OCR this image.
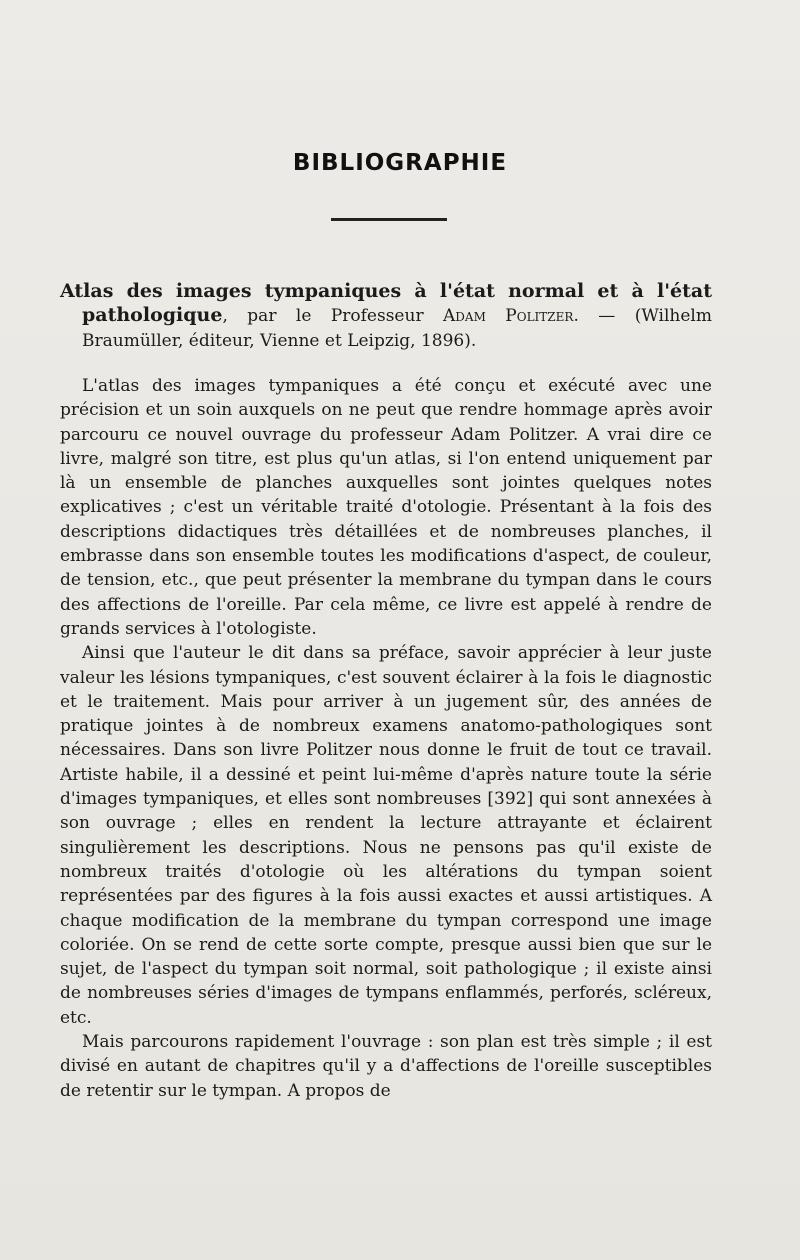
BIBLIOGRAPHIE
Atlas des images tympaniques à l'état normal et à l'état
pathologique, par le Professeur Adam Politzer. — (Wilhelm Braumüller, éditeur, Vienne et Leipzig, 1896).

L'atlas des images tympaniques a été conçu et exécuté avec une précision et un soin auxquels on ne peut que rendre hommage après avoir parcouru ce nouvel ouvrage du professeur Adam Politzer. A vrai dire ce livre, malgré son titre, est plus qu'un atlas, si l'on entend uniquement par là un ensemble de planches auxquelles sont jointes quelques notes explicatives ; c'est un véritable traité d'otologie. Présentant à la fois des descriptions didactiques très détaillées et de nombreuses planches, il embrasse dans son ensemble toutes les modifications d'aspect, de couleur, de tension, etc., que peut présenter la membrane du tympan dans le cours des affections de l'oreille. Par cela même, ce livre est appelé à rendre de grands services à l'otologiste.

Ainsi que l'auteur le dit dans sa préface, savoir apprécier à leur juste valeur les lésions tympaniques, c'est souvent éclairer à la fois le diagnostic et le traitement. Mais pour arriver à un jugement sûr, des années de pratique jointes à de nombreux examens anatomo-pathologiques sont nécessaires. Dans son livre Politzer nous donne le fruit de tout ce travail. Artiste habile, il a dessiné et peint lui-même d'après nature toute la série d'images tympaniques, et elles sont nombreuses [392] qui sont annexées à son ouvrage ; elles en rendent la lecture attrayante et éclairent singulièrement les descriptions. Nous ne pensons pas qu'il existe de nombreux traités d'otologie où les altérations du tympan soient représentées par des figures à la fois aussi exactes et aussi artistiques. A chaque modification de la membrane du tympan correspond une image coloriée. On se rend de cette sorte compte, presque aussi bien que sur le sujet, de l'aspect du tympan soit normal, soit pathologique ; il existe ainsi de nombreuses séries d'images de tympans enflammés, perforés, scléreux, etc.

Mais parcourons rapidement l'ouvrage : son plan est très simple ; il est divisé en autant de chapitres qu'il y a d'affections de l'oreille susceptibles de retentir sur le tympan. A propos de
